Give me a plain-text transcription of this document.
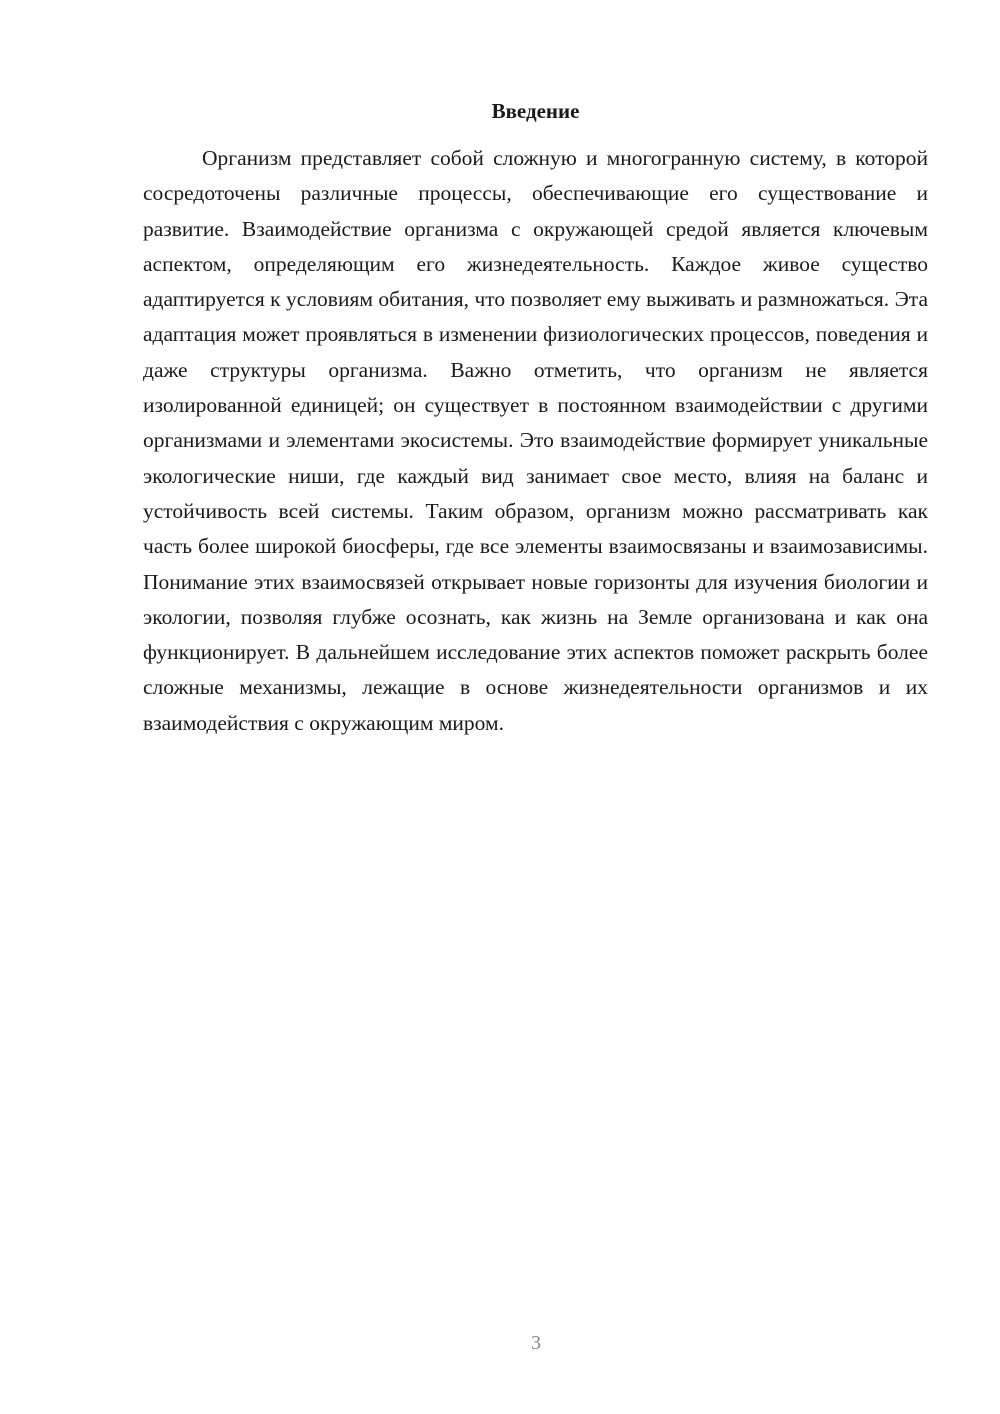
Введение

Организм представляет собой сложную и многогранную систему, в которой сосредоточены различные процессы, обеспечивающие его существование и развитие. Взаимодействие организма с окружающей средой является ключевым аспектом, определяющим его жизнедеятельность. Каждое живое существо адаптируется к условиям обитания, что позволяет ему выживать и размножаться. Эта адаптация может проявляться в изменении физиологических процессов, поведения и даже структуры организма. Важно отметить, что организм не является изолированной единицей; он существует в постоянном взаимодействии с другими организмами и элементами экосистемы. Это взаимодействие формирует уникальные экологические ниши, где каждый вид занимает свое место, влияя на баланс и устойчивость всей системы. Таким образом, организм можно рассматривать как часть более широкой биосферы, где все элементы взаимосвязаны и взаимозависимы. Понимание этих взаимосвязей открывает новые горизонты для изучения биологии и экологии, позволяя глубже осознать, как жизнь на Земле организована и как она функционирует. В дальнейшем исследование этих аспектов поможет раскрыть более сложные механизмы, лежащие в основе жизнедеятельности организмов и их взаимодействия с окружающим миром.

3
